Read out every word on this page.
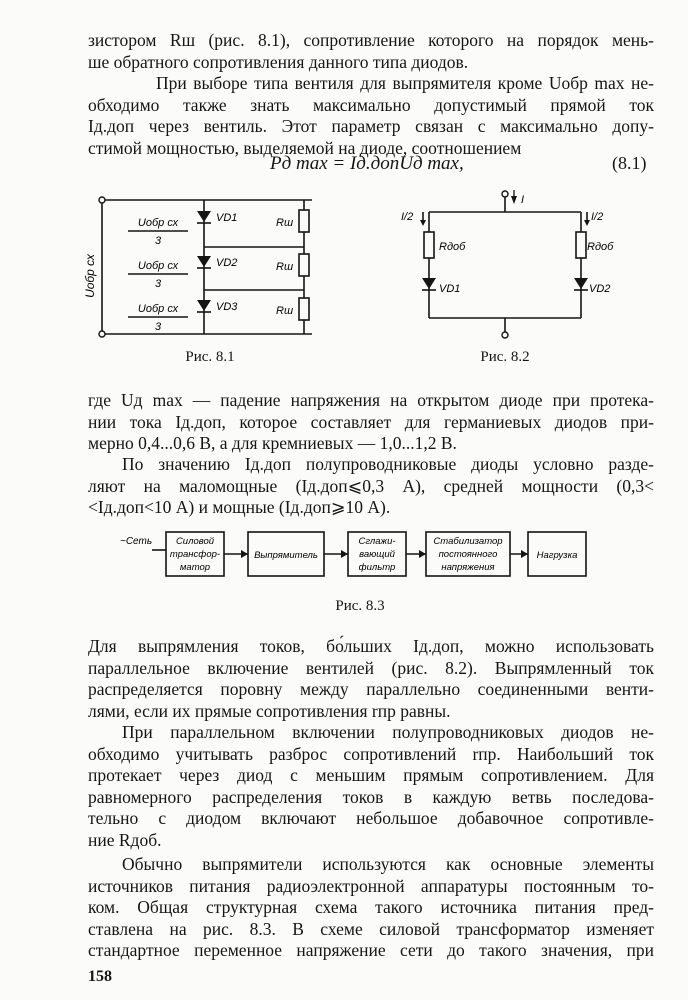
зистором Rш (рис. 8.1), сопротивление которого на порядок мень-
ше обратного сопротивления данного типа диодов.
При выборе типа вентиля для выпрямителя кроме Uобр max не-
обходимо также знать максимально допустимый прямой ток
Iд.доп через вентиль. Этот параметр связан с максимально допу-
стимой мощностью, выделяемой на диоде, соотношением
Pд max = Iд.допUд max,	(8.1)
Uобр сх
Uобр сх
3
Uобр сх
3
Uобр сх
3
VD1
VD2
VD3
Rш
Rш
Rш
Рис. 8.1
I
I/2	I/2
Rдоб	Rдоб
VD1	VD2
Рис. 8.2
где Uд max — падение напряжения на открытом диоде при протека-
нии тока Iд.доп, которое составляет для германиевых диодов при-
мерно 0,4...0,6 В, а для кремниевых — 1,0...1,2 В.
По значению Iд.доп полупроводниковые диоды условно разде-
ляют на маломощные (Iд.доп⩽0,3 А), средней мощности (0,3<
<Iд.доп<10 А) и мощные (Iд.доп⩾10 А).
~Сеть	Силовой
трансфор-
матор
Выпрямитель
Сглажи-
вающий
фильтр
Стабилизатор
постоянного
напряжения
Нагрузка
Рис. 8.3
Для выпрямления токов, бо́льших Iд.доп, можно использовать
параллельное включение вентилей (рис. 8.2). Выпрямленный ток
распределяется поровну между параллельно соединенными венти-
лями, если их прямые сопротивления rпр равны.
При параллельном включении полупроводниковых диодов не-
обходимо учитывать разброс сопротивлений rпр. Наибольший ток
протекает через диод с меньшим прямым сопротивлением. Для
равномерного распределения токов в каждую ветвь последова-
тельно с диодом включают небольшое добавочное сопротивле-
ние Rдоб.
Обычно выпрямители используются как основные элементы
источников питания радиоэлектронной аппаратуры постоянным то-
ком. Общая структурная схема такого источника питания пред-
ставлена на рис. 8.3. В схеме силовой трансформатор изменяет
стандартное переменное напряжение сети до такого значения, при
158
